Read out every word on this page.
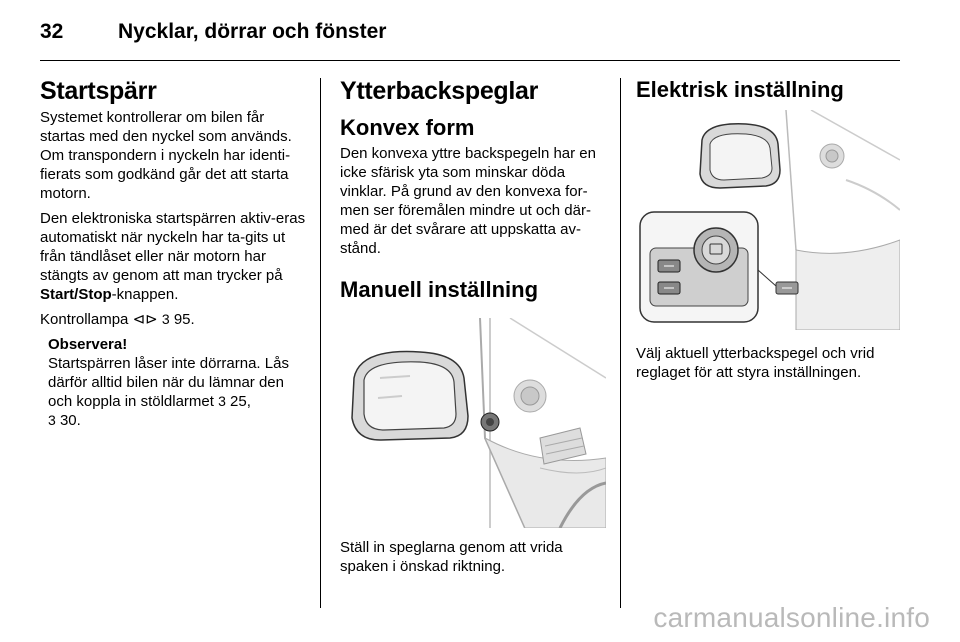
32	Nycklar, dörrar och fönster
Startspärr

Systemet kontrollerar om bilen får startas med den nyckel som används. Om transpondern i nyckeln har identi-fierats som godkänd går det att starta motorn.

Den elektroniska startspärren aktiv-eras automatiskt när nyckeln har ta-gits ut från tändlåset eller när motorn har stängts av genom att man trycker på Start/Stop-knappen.

Kontrollampa ⊲⊳ 3 95.

Observera!
Startspärren låser inte dörrarna. Lås därför alltid bilen när du lämnar den och koppla in stöldlarmet 3 25,
3 30.
Ytterbackspeglar
Konvex form

Den konvexa yttre backspegeln har en icke sfärisk yta som minskar döda vinklar. På grund av den konvexa for-men ser föremålen mindre ut och där-med är det svårare att uppskatta av-stånd.

Manuell inställning

Ställ in speglarna genom att vrida spaken i önskad riktning.

Elektrisk inställning

Välj aktuell ytterbackspegel och vrid reglaget för att styra inställningen.

carmanualsonline.info
